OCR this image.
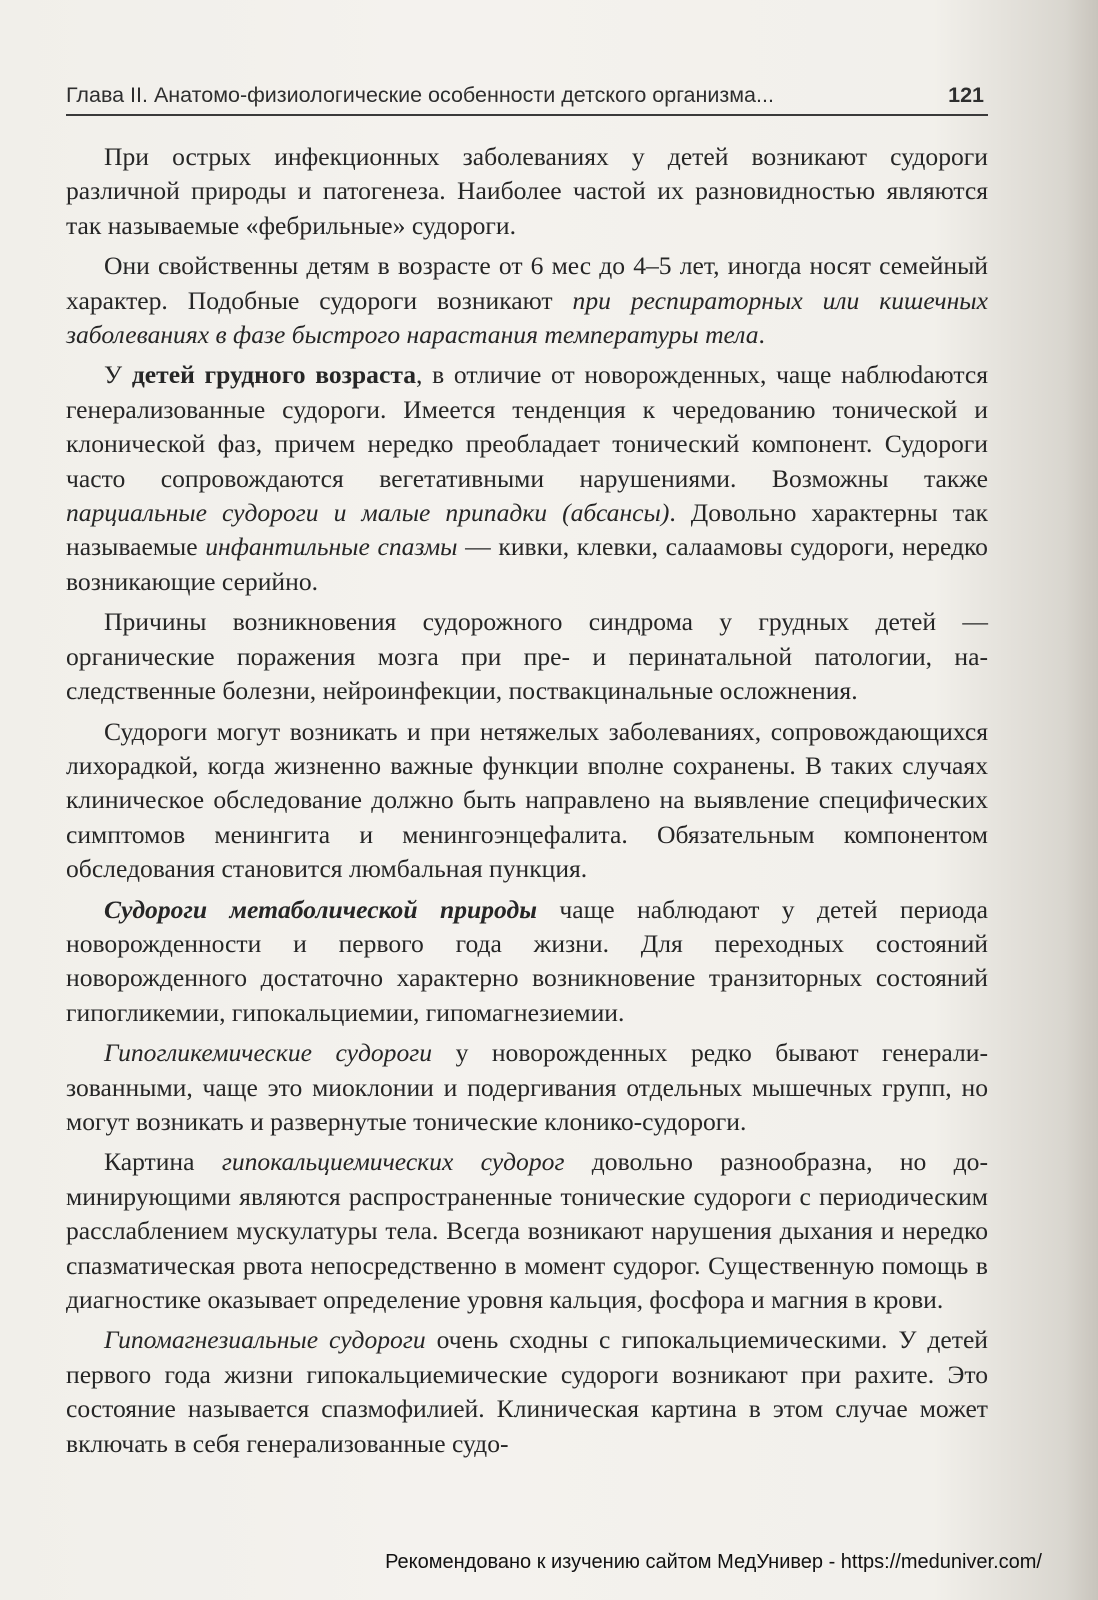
Глава II. Анатомо-физиологические особенности детского организма...	121

При острых инфекционных заболеваниях у детей возникают судороги различной природы и патогенеза. Наиболее частой их разновидностью являются так называемые «фебрильные» судороги.

Они свойственны детям в возрасте от 6 мес до 4–5 лет, иногда носят семейный характер. Подобные судороги возникают при респираторных или кишечных заболеваниях в фазе быстрого нарастания температуры тела.

У детей грудного возраста, в отличие от новорожденных, чаще наблюdаются генерализованные судороги. Имеется тенденция к чередованию тонической и клонической фаз, причем нередко преобладает тонический компонент. Судороги часто сопровождаются вегетативными нарушениями. Возможны также парциальные судороги и малые припадки (абсансы). Довольно характерны так называемые инфантильные спазмы — кивки, клевки, салаамовы судороги, нередко возникающие серийно.

Причины возникновения судорожного синдрома у грудных детей — органические поражения мозга при пре- и перинатальной патологии, наследственные болезни, нейроинфекции, поствакцинальные осложнения.

Судороги могут возникать и при нетяжелых заболеваниях, сопровождающихся лихорадкой, когда жизненно важные функции вполне сохранены. В таких случаях клиническое обследование должно быть направлено на выявление специфических симптомов менингита и менингоэнцефалита. Обязательным компонентом обследования становится люмбальная пункция.

Судороги метаболической природы чаще наблюдают у детей периода новорожденности и первого года жизни. Для переходных состояний новорожденного достаточно характерно возникновение транзиторных состояний гипогликемии, гипокальциемии, гипомагнезиемии.

Гипогликемические судороги у новорожденных редко бывают генерализованными, чаще это миоклонии и подергивания отдельных мышечных групп, но могут возникать и развернутые тонические клонико-судороги.

Картина гипокальциемических судорог довольно разнообразна, но доминирующими являются распространенные тонические судороги с периодическим расслаблением мускулатуры тела. Всегда возникают нарушения дыхания и нередко спазматическая рвота непосредственно в момент судорог. Существенную помощь в диагностике оказывает определение уровня кальция, фосфора и магния в крови.

Гипомагнезиальные судороги очень сходны с гипокальциемическими. У детей первого года жизни гипокальциемические судороги возникают при рахите. Это состояние называется спазмофилией. Клиническая картина в этом случае может включать в себя генерализованные судо-

Рекомендовано к изучению сайтом МедУнивер - https://meduniver.com/
